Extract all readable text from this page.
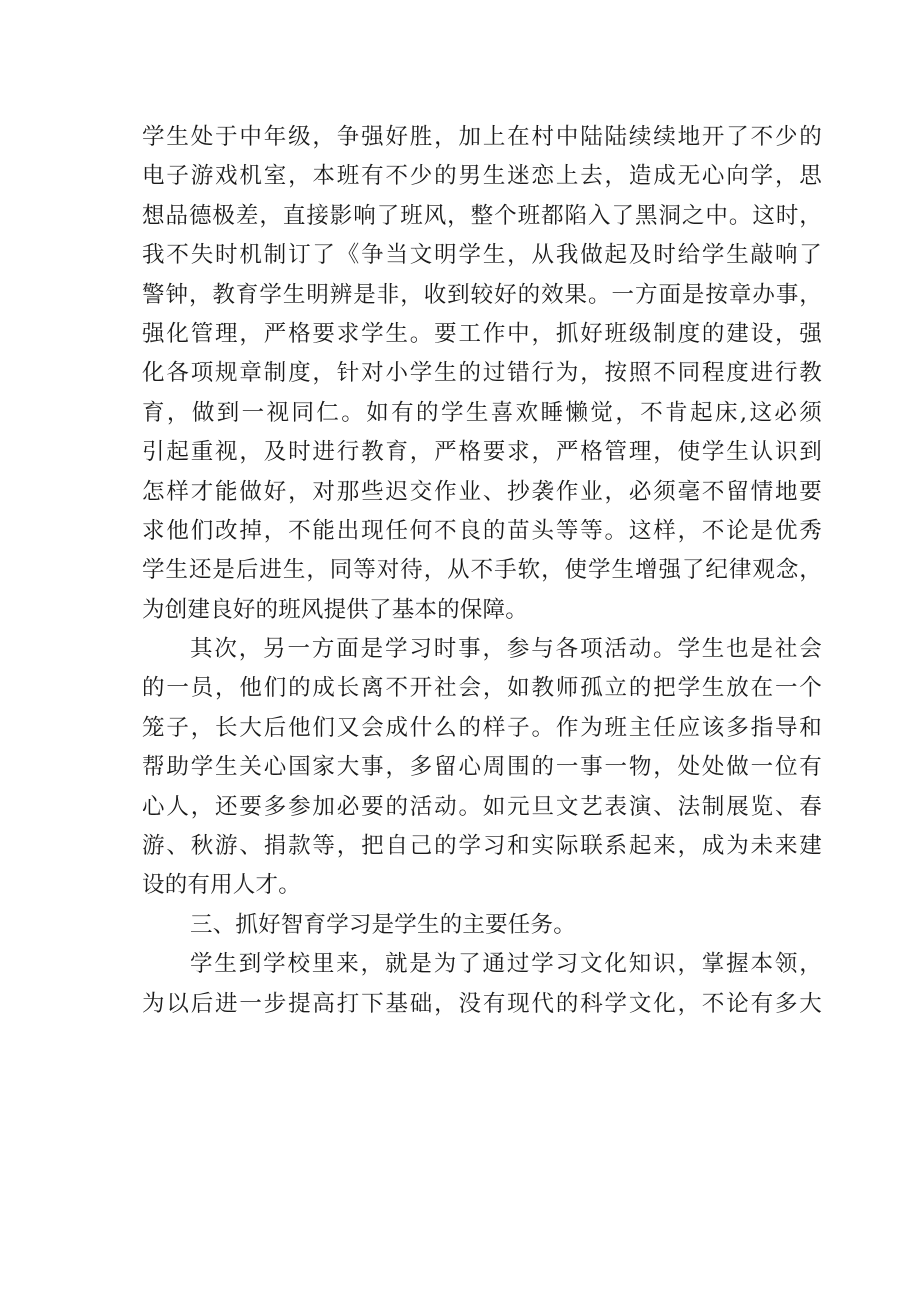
学生处于中年级，争强好胜，加上在村中陆陆续续地开了不少的
电子游戏机室，本班有不少的男生迷恋上去，造成无心向学，思
想品德极差，直接影响了班风，整个班都陷入了黑洞之中。这时，
我不失时机制订了《争当文明学生，从我做起及时给学生敲响了
警钟，教育学生明辨是非，收到较好的效果。一方面是按章办事，
强化管理，严格要求学生。要工作中，抓好班级制度的建设，强
化各项规章制度，针对小学生的过错行为，按照不同程度进行教
育，做到一视同仁。如有的学生喜欢睡懒觉，不肯起床,这必须
引起重视，及时进行教育，严格要求，严格管理，使学生认识到
怎样才能做好，对那些迟交作业、抄袭作业，必须毫不留情地要
求他们改掉，不能出现任何不良的苗头等等。这样，不论是优秀
学生还是后进生，同等对待，从不手软，使学生增强了纪律观念，
为创建良好的班风提供了基本的保障。
其次，另一方面是学习时事，参与各项活动。学生也是社会
的一员，他们的成长离不开社会，如教师孤立的把学生放在一个
笼子，长大后他们又会成什么的样子。作为班主任应该多指导和
帮助学生关心国家大事，多留心周围的一事一物，处处做一位有
心人，还要多参加必要的活动。如元旦文艺表演、法制展览、春
游、秋游、捐款等，把自己的学习和实际联系起来，成为未来建
设的有用人才。
三、抓好智育学习是学生的主要任务。
学生到学校里来，就是为了通过学习文化知识，掌握本领，
为以后进一步提高打下基础，没有现代的科学文化，不论有多大
